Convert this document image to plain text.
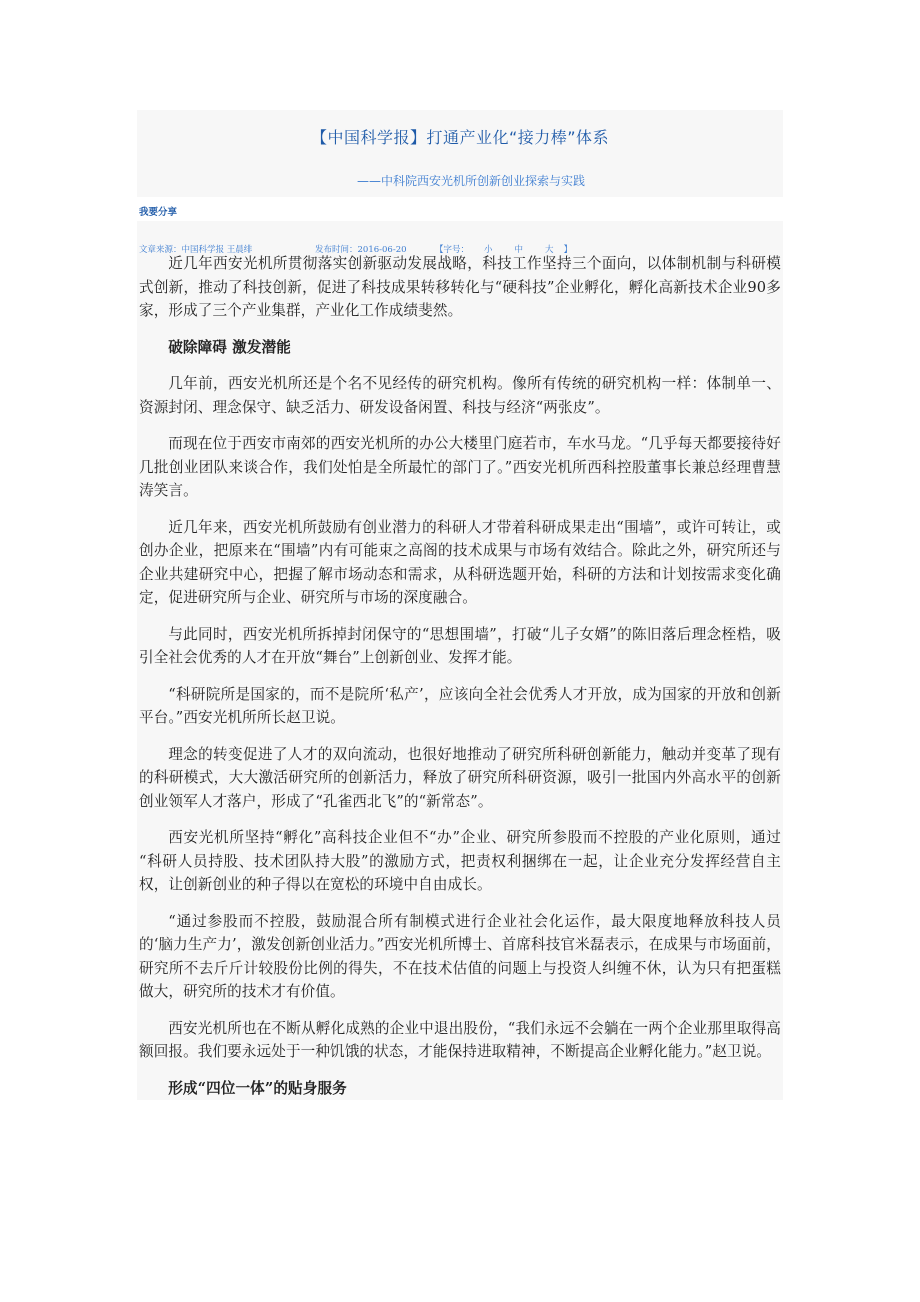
【中国科学报】打通产业化“接力棒”体系
——中科院西安光机所创新创业探索与实践
我要分享
文章来源：中国科学报 王晨绯	发布时间：2016-06-20	【字号： 小	中	大 】

近几年西安光机所贯彻落实创新驱动发展战略，科技工作坚持三个面向，以体制机制与科研模式创新，推动了科技创新，促进了科技成果转移转化与“硬科技”企业孵化，孵化高新技术企业90多家，形成了三个产业集群，产业化工作成绩斐然。

破除障碍 激发潜能

几年前，西安光机所还是个名不见经传的研究机构。像所有传统的研究机构一样：体制单一、资源封闭、理念保守、缺乏活力、研发设备闲置、科技与经济“两张皮”。

而现在位于西安市南郊的西安光机所的办公大楼里门庭若市，车水马龙。“几乎每天都要接待好几批创业团队来谈合作，我们处怕是全所最忙的部门了。”西安光机所西科控股董事长兼总经理曹慧涛笑言。

近几年来，西安光机所鼓励有创业潜力的科研人才带着科研成果走出“围墙”，或许可转让，或创办企业，把原来在“围墙”内有可能束之高阁的技术成果与市场有效结合。除此之外，研究所还与企业共建研究中心，把握了解市场动态和需求，从科研选题开始，科研的方法和计划按需求变化确定，促进研究所与企业、研究所与市场的深度融合。

与此同时，西安光机所拆掉封闭保守的“思想围墙”，打破“儿子女婿”的陈旧落后理念桎梏，吸引全社会优秀的人才在开放“舞台”上创新创业、发挥才能。

“科研院所是国家的，而不是院所‘私产’，应该向全社会优秀人才开放，成为国家的开放和创新平台。”西安光机所所长赵卫说。

理念的转变促进了人才的双向流动，也很好地推动了研究所科研创新能力，触动并变革了现有的科研模式，大大激活研究所的创新活力，释放了研究所科研资源，吸引一批国内外高水平的创新创业领军人才落户，形成了“孔雀西北飞”的“新常态”。

西安光机所坚持“孵化”高科技企业但不“办”企业、研究所参股而不控股的产业化原则，通过 “科研人员持股、技术团队持大股”的激励方式，把责权利捆绑在一起，让企业充分发挥经营自主权，让创新创业的种子得以在宽松的环境中自由成长。

“通过参股而不控股，鼓励混合所有制模式进行企业社会化运作，最大限度地释放科技人员的‘脑力生产力’，激发创新创业活力。”西安光机所博士、首席科技官米磊表示，在成果与市场面前，研究所不去斤斤计较股份比例的得失，不在技术估值的问题上与投资人纠缠不休，认为只有把蛋糕做大，研究所的技术才有价值。

西安光机所也在不断从孵化成熟的企业中退出股份，“我们永远不会躺在一两个企业那里取得高额回报。我们要永远处于一种饥饿的状态，才能保持进取精神，不断提高企业孵化能力。”赵卫说。

形成“四位一体”的贴身服务
